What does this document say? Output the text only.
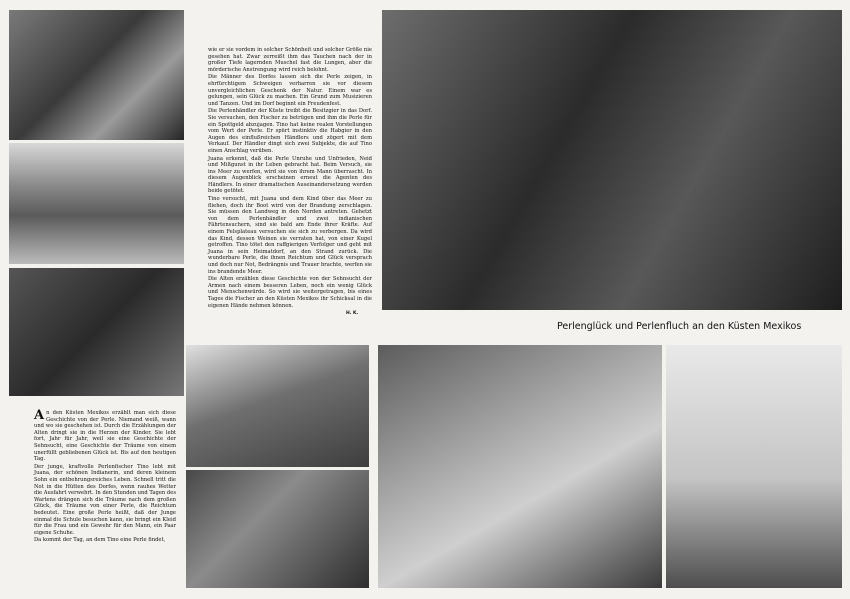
wie er sie vordem in solcher Schönheit und solcher Größe nie gesehen hat. Zwar zerreißt ihm das Tauchen nach der in großer Tiefe lagernden Muschel fast die Lungen, aber die mörderische Anstrengung wird reich belohnt.

Die Männer des Dorfes lassen sich die Perle zeigen, in ehrfürchtigem Schweigen verharren sie vor diesem unvergleichlichen Geschenk der Natur. Einem war es gelungen, sein Glück zu machen. Ein Grund zum Musizieren und Tanzen. Und im Dorf beginnt ein Freudenfest.

Die Perlenhändler der Küste treibt die Besitzgier in das Dorf. Sie versuchen, den Fischer zu betrügen und ihm die Perle für ein Spottgeld abzujagen. Tino hat keine realen Vorstellungen vom Wert der Perle. Er spürt instinktiv die Habgier in den Augen des einflußreichen Händlers und zögert mit dem Verkauf. Der Händler dingt sich zwei Subjekte, die auf Tino einen Anschlag verüben.

Juana erkennt, daß die Perle Unruhe und Unfrieden, Neid und Mißgunst in ihr Leben gebracht hat. Beim Versuch, sie ins Meer zu werfen, wird sie von ihrem Mann überrascht. In diesem Augenblick erscheinen erneut die Agenten des Händlers. In einer dramatischen Auseinandersetzung werden beide getötet.

Tino versucht, mit Juana und dem Kind über das Meer zu fliehen, doch ihr Boot wird von der Brandung zerschlagen. Sie müssen den Landweg in den Norden antreten. Gehetzt von dem Perlenhändler und zwei indianischen Fährtensuchern, sind sie bald am Ende ihrer Kräfte. Auf einem Felsplateau versuchen sie sich zu verbergen. Da wird das Kind, dessen Weinen sie verraten hat, von einer Kugel getroffen. Tino tötet den raffgierigen Verfolger und geht mit Juana in sein Heimatdorf, an den Strand zurück. Die wunderbare Perle, die ihnen Reichtum und Glück versprach und doch nur Not, Bedrängnis und Trauer brachte, werfen sie ins brandende Meer.

Die Alten erzählen diese Geschichte von der Sehnsucht der Armen nach einem besseren Leben, noch ein wenig Glück und Menschenwürde. So wird sie weitergetragen, bis eines Tages die Fischer an den Küsten Mexikos ihr Schicksal in die eigenen Hände nehmen können.

H. K.
Perlenglück und Perlenfluch an den Küsten Mexikos

An den Küsten Mexikos erzählt man sich diese Geschichte von der Perle. Niemand weiß, wann und wo sie geschehen ist. Durch die Erzählungen der Alten dringt sie in die Herzen der Kinder. Sie lebt fort, Jahr für Jahr, weil sie eine Geschichte der Sehnsucht, eine Geschichte der Träume von einem unerfüllt gebliebenen Glück ist. Bis auf den heutigen Tag.

Der junge, kraftvolle Perlenfischer Tino lebt mit Juana, der schönen Indianerin, und deren kleinem Sohn ein entbehrungsreiches Leben. Schnell tritt die Not in die Hütten des Dorfes, wenn rauhes Wetter die Ausfahrt verwehrt. In den Stunden und Tagen des Wartens drängen sich die Träume nach dem großen Glück, die Träume von einer Perle, die Reichtum bedeutet. Eine große Perle heißt, daß der Junge einmal die Schule besuchen kann, sie bringt ein Kleid für die Frau und ein Gewehr für den Mann, ein Paar eigene Schuhe.

Da kommt der Tag, an dem Tino eine Perle findet,
